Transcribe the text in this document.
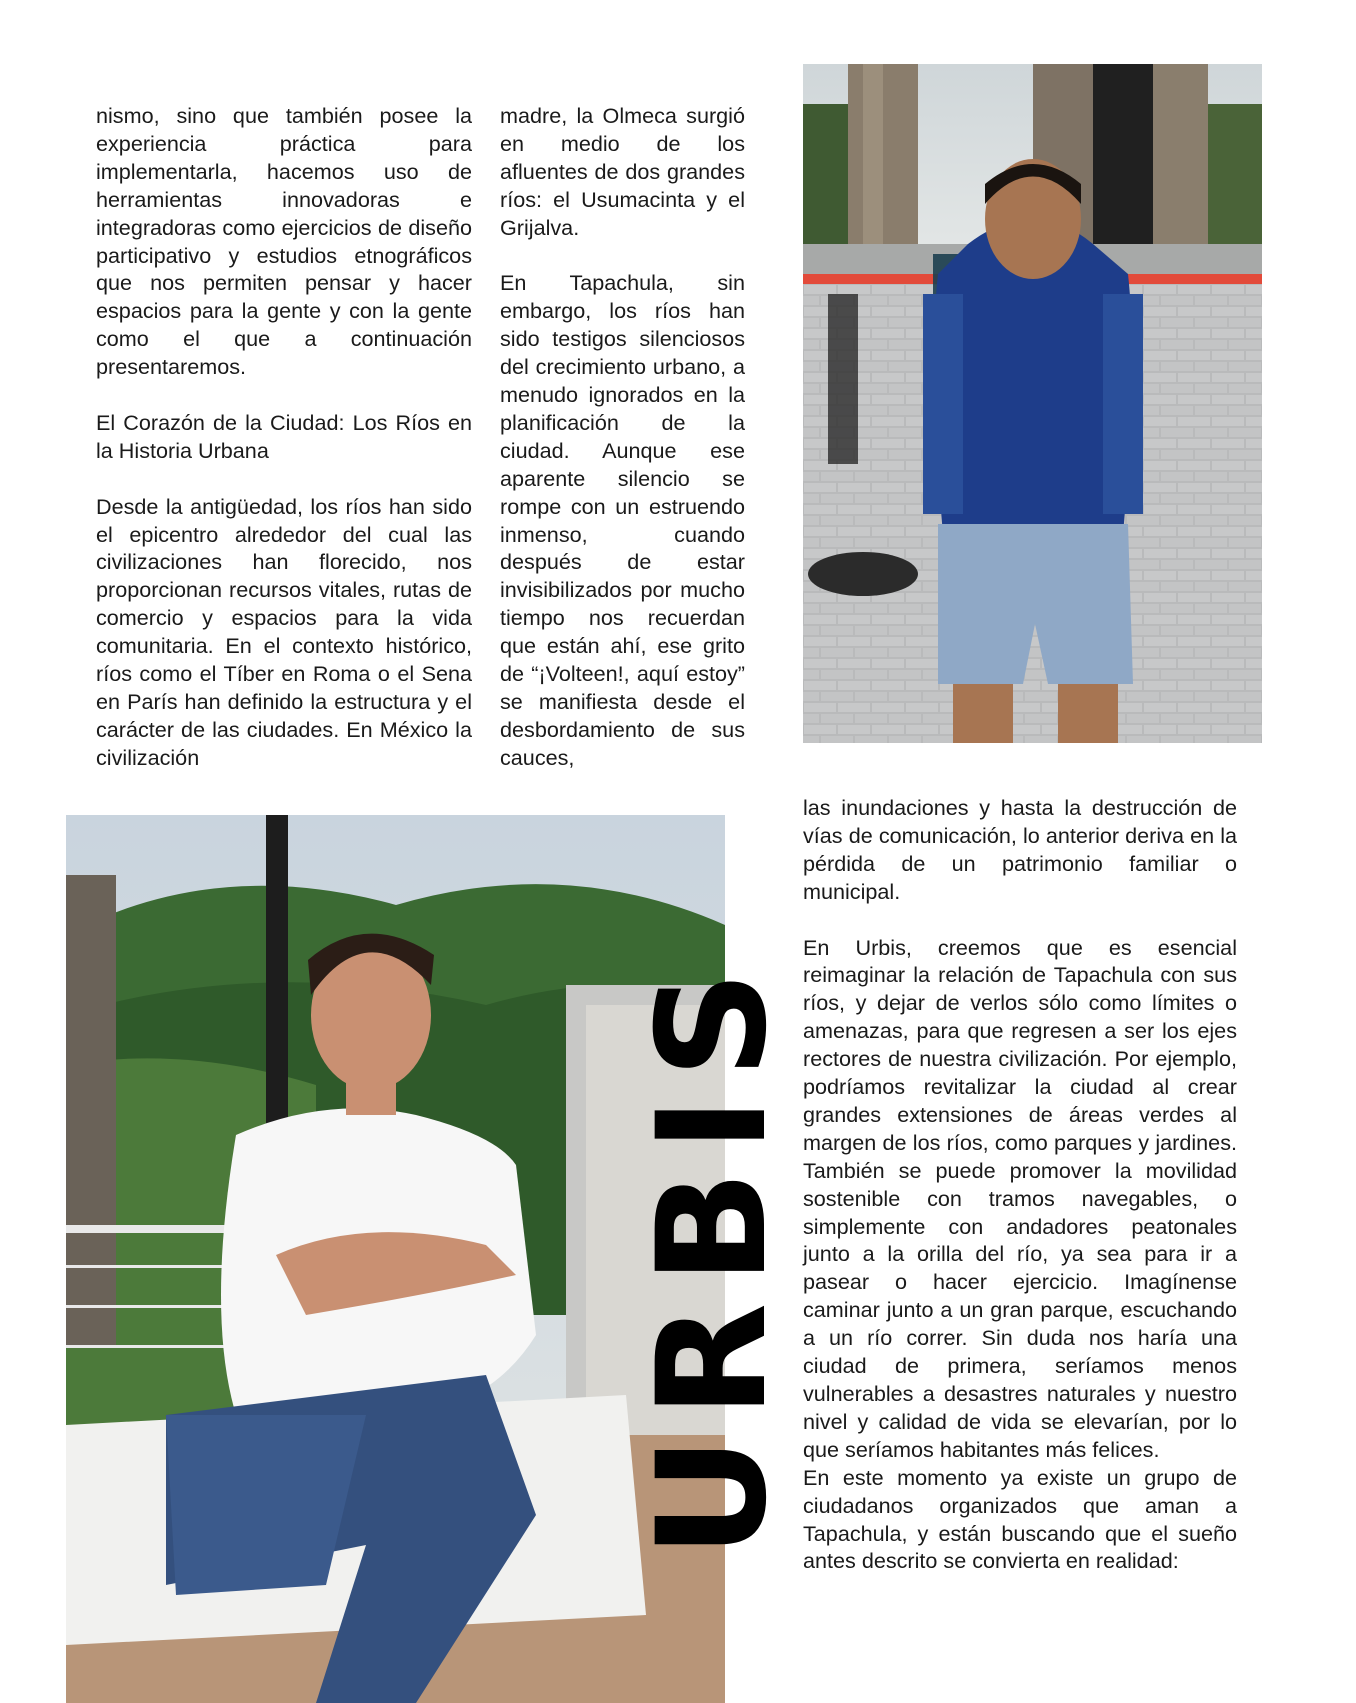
nismo, sino que también posee la experiencia práctica para implementarla, hacemos uso de herramientas innovadoras e integradoras como ejercicios de diseño participativo y estudios etnográficos que nos permiten pensar y hacer espacios para la gente y con la gente como el que a continuación presentaremos.

El Corazón de la Ciudad: Los Ríos en la Historia Urbana

Desde la antigüedad, los ríos han sido el epicentro alrededor del cual las civilizaciones han florecido, nos proporcionan recursos vitales, rutas de comercio y espacios para la vida comunitaria. En el contexto histórico, ríos como el Tíber en Roma o el Sena en París han definido la estructura y el carácter de las ciudades. En México la civilización

madre, la Olmeca surgió en medio de los afluentes de dos grandes ríos: el Usumacinta y el Grijalva.

En Tapachula, sin embargo, los ríos han sido testigos silenciosos del crecimiento urbano, a menudo ignorados en la planificación de la ciudad. Aunque ese aparente silencio se rompe con un estruendo inmenso, cuando después de estar invisibilizados por mucho tiempo nos recuerdan que están ahí, ese grito de “¡Volteen!, aquí estoy” se manifiesta desde el desbordamiento de sus cauces,

las inundaciones y hasta la destrucción de vías de comunicación, lo anterior deriva en la pérdida de un patrimonio familiar o municipal.

En Urbis, creemos que es esencial reimaginar la relación de Tapachula con sus ríos, y dejar de verlos sólo como límites o amenazas, para que regresen a ser los ejes rectores de nuestra civilización. Por ejemplo, podríamos revitalizar la ciudad al crear grandes extensiones de áreas verdes al margen de los ríos, como parques y jardines. También se puede promover la movilidad sostenible con tramos navegables, o simplemente con andadores peatonales junto a la orilla del río, ya sea para ir a pasear o hacer ejercicio. Imagínense caminar junto a un gran parque, escuchando a un río correr. Sin duda nos haría una ciudad de primera, seríamos menos vulnerables a desastres naturales y nuestro nivel y calidad de vida se elevarían, por lo que seríamos habitantes más felices.

En este momento ya existe un grupo de ciudadanos organizados que aman a Tapachula, y están buscando que el sueño antes descrito se convierta en realidad:

URBIS
